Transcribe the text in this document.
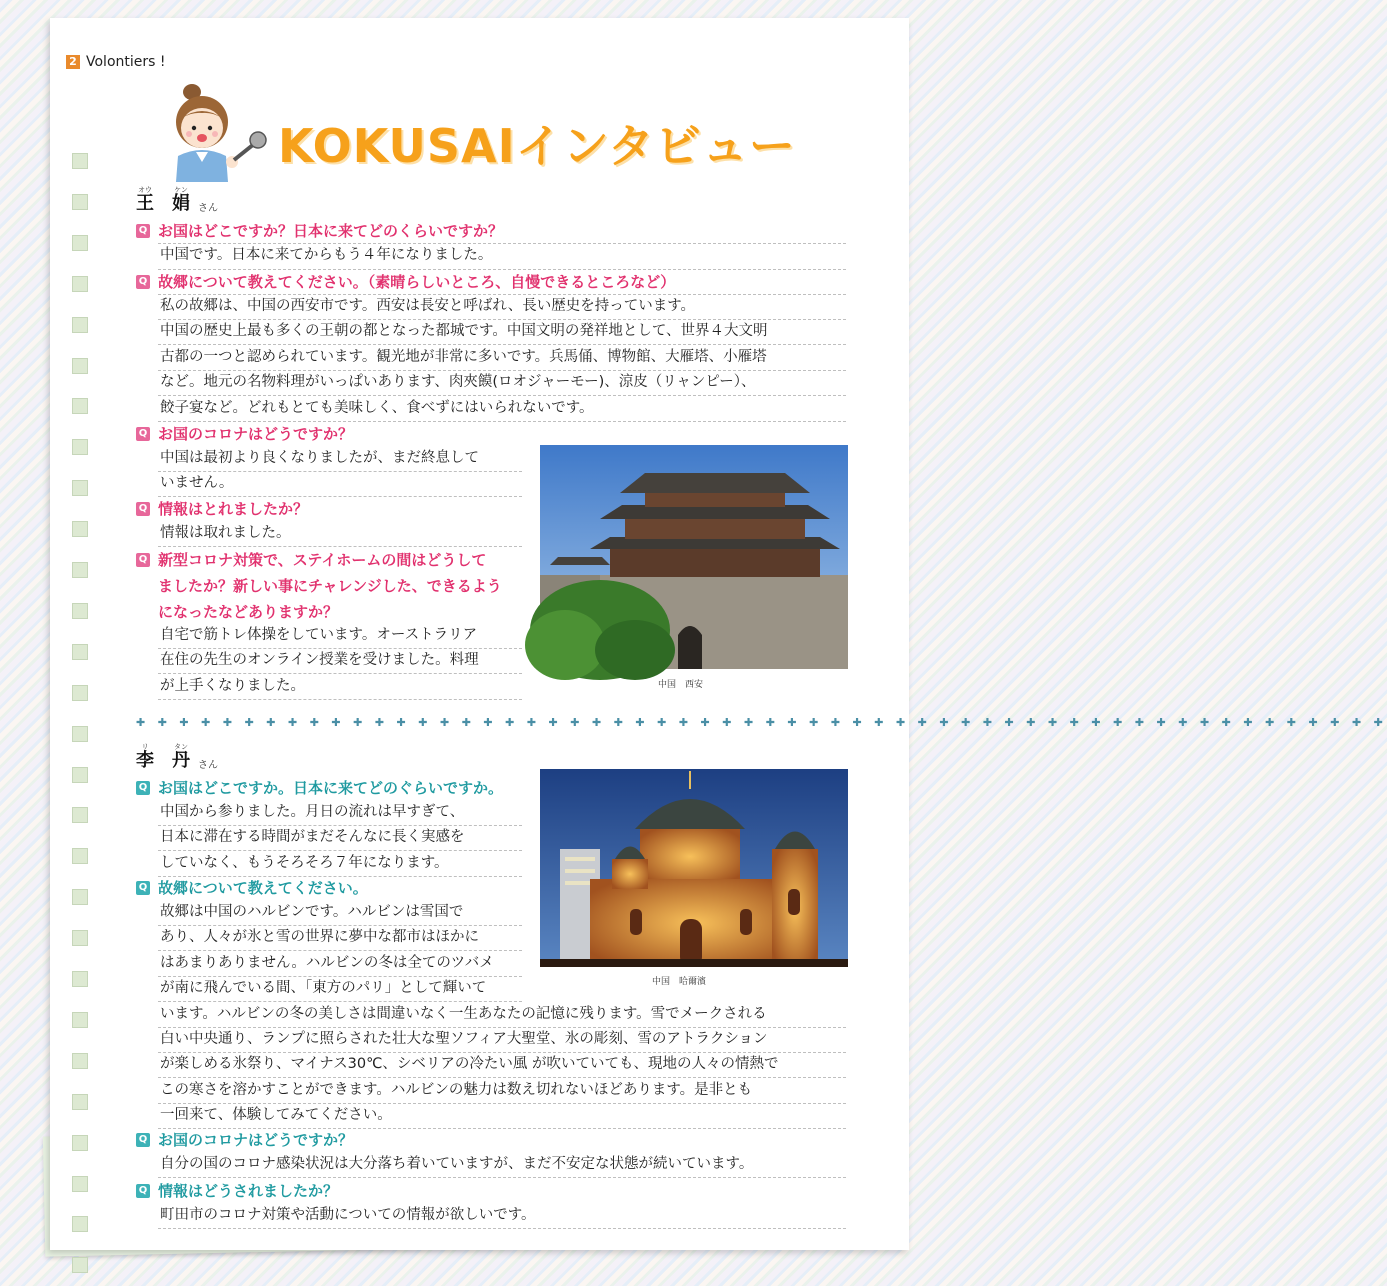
2 Volontiers !
KOKUSAIインタビュー
オウ
王
ケン
娟 さん
Q お国はどこですか？日本に来てどのくらいですか？
中国です。日本に来てからもう４年になりました。
Q 故郷について教えてください。（素晴らしいところ、自慢できるところなど）
私の故郷は、中国の西安市です。西安は長安と呼ばれ、長い歴史を持っています。
中国の歴史上最も多くの王朝の都となった都城です。中国文明の発祥地として、世界４大文明
古都の一つと認められています。観光地が非常に多いです。兵馬俑、博物館、大雁塔、小雁塔
など。地元の名物料理がいっぱいあります、肉夾饃(ロオジャーモー)、涼皮（リャンピー）、
餃子宴など。どれもとても美味しく、食べずにはいられないです。
Q お国のコロナはどうですか？
中国は最初より良くなりましたが、まだ終息して
いません。
Q 情報はとれましたか？
情報は取れました。
Q 新型コロナ対策で、ステイホームの間はどうして
ましたか？新しい事にチャレンジした、できるよう
になったなどありますか？
自宅で筋トレ体操をしています。オーストラリア
在住の先生のオンライン授業を受けました。料理
が上手くなりました。	中国　西安
✚ ✚ ✚ ✚ ✚ ✚ ✚ ✚ ✚ ✚ ✚ ✚ ✚ ✚ ✚ ✚ ✚ ✚ ✚ ✚ ✚ ✚ ✚ ✚ ✚ ✚ ✚ ✚ ✚ ✚ ✚ ✚ ✚ ✚ ✚ ✚ ✚ ✚ ✚ ✚ ✚ ✚ ✚ ✚ ✚ ✚ ✚ ✚ ✚ ✚ ✚ ✚ ✚ ✚ ✚ ✚ ✚ ✚
リ
李
タン
丹 さん
Q お国はどこですか。日本に来てどのぐらいですか。
中国から参りました。月日の流れは早すぎて、
日本に滞在する時間がまだそんなに長く実感を
していなく、もうそろそろ７年になります。
Q 故郷について教えてください。
故郷は中国のハルビンです。ハルビンは雪国で
あり、人々が氷と雪の世界に夢中な都市はほかに
はあまりありません。ハルビンの冬は全てのツバメ
が南に飛んでいる間、「東方のパリ」として輝いて
います。ハルビンの冬の美しさは間違いなく一生あなたの記憶に残ります。雪でメークされる
白い中央通り、ランプに照らされた壮大な聖ソフィア大聖堂、氷の彫刻、雪のアトラクション
が楽しめる氷祭り、マイナス30℃、シベリアの冷たい風 が吹いていても、現地の人々の情熱で
この寒さを溶かすことができます。ハルビンの魅力は数え切れないほどあります。是非とも
一回来て、体験してみてください。
Q お国のコロナはどうですか？
自分の国のコロナ感染状況は大分落ち着いていますが、まだ不安定な状態が続いています。
Q 情報はどうされましたか？
町田市のコロナ対策や活動についての情報が欲しいです。
中国　哈爾濱
